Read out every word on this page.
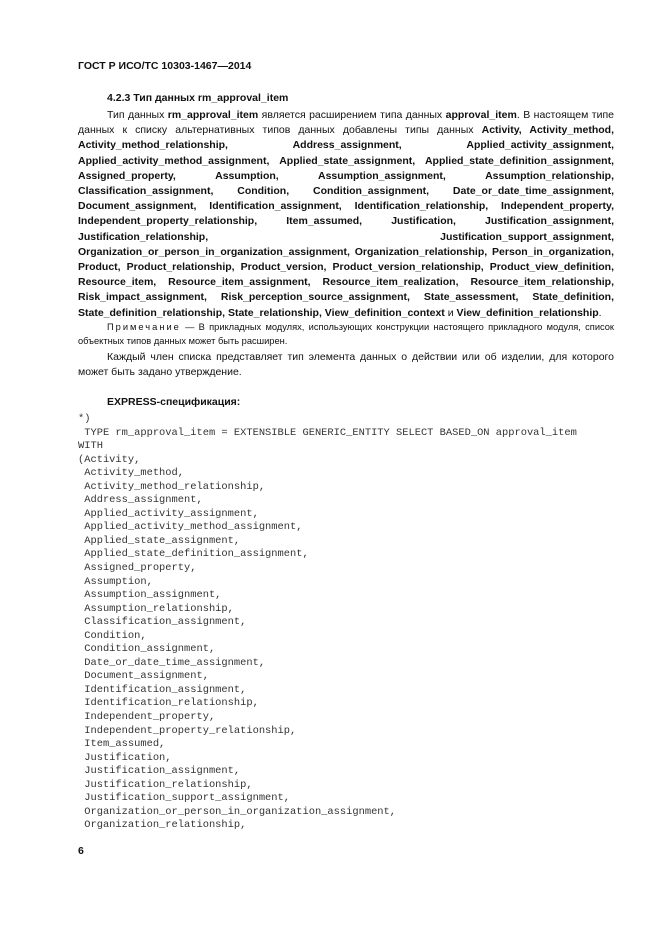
ГОСТ Р ИСО/ТС 10303-1467—2014
4.2.3 Тип данных rm_approval_item
Тип данных rm_approval_item является расширением типа данных approval_item. В настоящем типе данных к списку альтернативных типов данных добавлены типы данных Activity, Activity_method, Activity_method_relationship, Address_assignment, Applied_activity_assignment, Applied_activity_method_assignment, Applied_state_assignment, Applied_state_definition_assignment, Assigned_property, Assumption, Assumption_assignment, Assumption_relationship, Classification_assignment, Condition, Condition_assignment, Date_or_date_time_assignment, Document_assignment, Identification_assignment, Identification_relationship, Independent_property, Independent_property_relationship, Item_assumed, Justification, Justification_assignment, Justification_relationship, Justification_support_assignment, Organization_or_person_in_organization_assignment, Organization_relationship, Person_in_organization, Product, Product_relationship, Product_version, Product_version_relationship, Product_view_definition, Resource_item, Resource_item_assignment, Resource_item_realization, Resource_item_relationship, Risk_impact_assignment, Risk_perception_source_assignment, State_assessment, State_definition, State_definition_relationship, State_relationship, View_definition_context и View_definition_relationship.
Примечание — В прикладных модулях, использующих конструкции настоящего прикладного модуля, список объектных типов данных может быть расширен.
Каждый член списка представляет тип элемента данных о действии или об изделии, для которого может быть задано утверждение.
EXPRESS-спецификация:
*)
TYPE rm_approval_item = EXTENSIBLE GENERIC_ENTITY SELECT BASED_ON approval_item
WITH
(Activity,
Activity_method,
Activity_method_relationship,
Address_assignment,
Applied_activity_assignment,
Applied_activity_method_assignment,
Applied_state_assignment,
Applied_state_definition_assignment,
Assigned_property,
Assumption,
Assumption_assignment,
Assumption_relationship,
Classification_assignment,
Condition,
Condition_assignment,
Date_or_date_time_assignment,
Document_assignment,
Identification_assignment,
Identification_relationship,
Independent_property,
Independent_property_relationship,
Item_assumed,
Justification,
Justification_assignment,
Justification_relationship,
Justification_support_assignment,
Organization_or_person_in_organization_assignment,
Organization_relationship,
6
